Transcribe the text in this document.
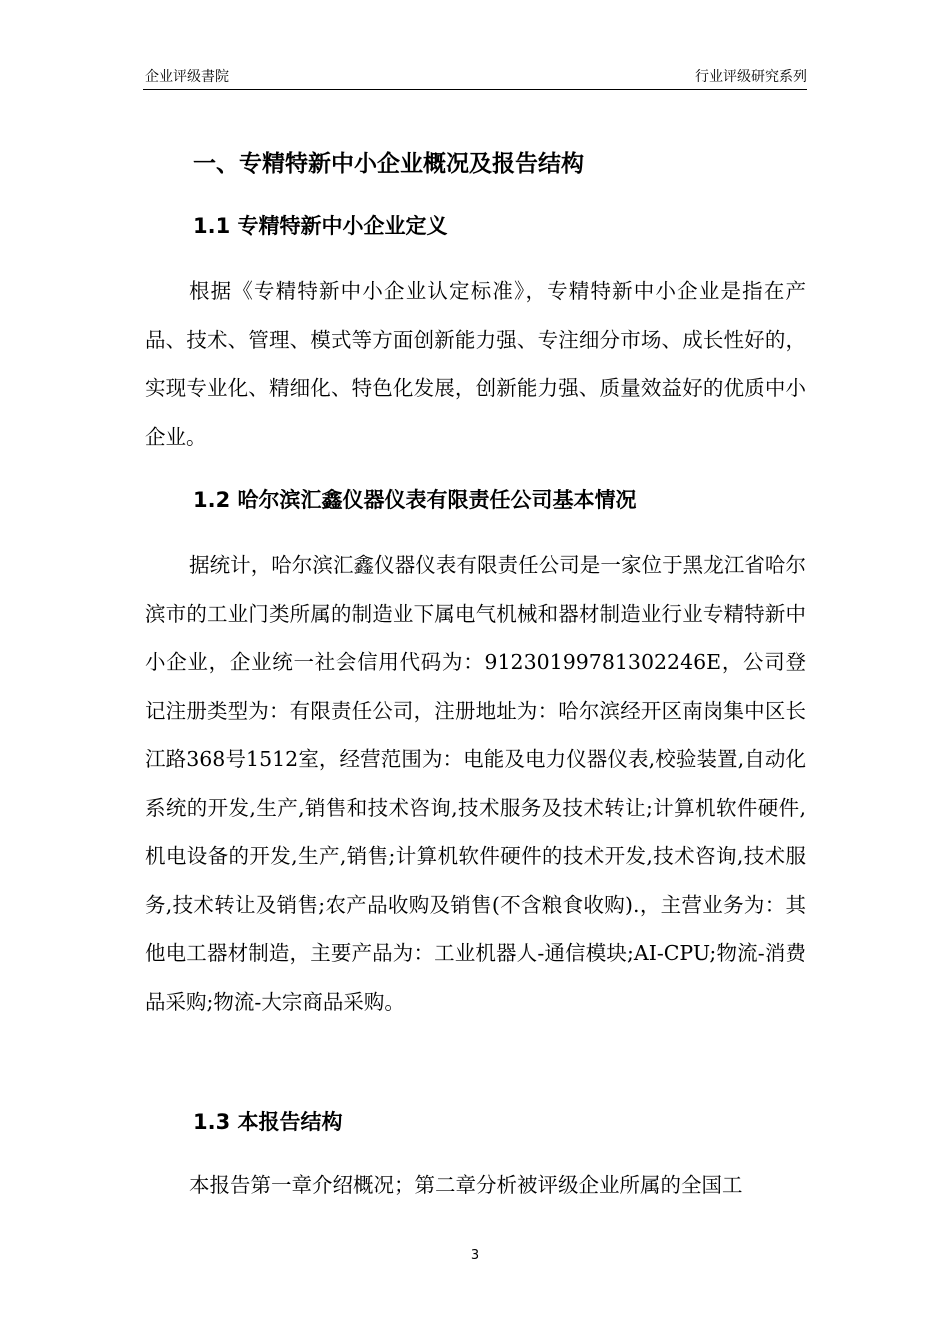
企业评级書院	行业评级研究系列
一、专精特新中小企业概况及报告结构
1.1 专精特新中小企业定义

根据《专精特新中小企业认定标准》，专精特新中小企业是指在产品、技术、管理、模式等方面创新能力强、专注细分市场、成长性好的，实现专业化、精细化、特色化发展，创新能力强、质量效益好的优质中小企业。

1.2 哈尔滨汇鑫仪器仪表有限责任公司基本情况

据统计，哈尔滨汇鑫仪器仪表有限责任公司是一家位于黑龙江省哈尔滨市的工业门类所属的制造业下属电气机械和器材制造业行业专精特新中小企业，企业统一社会信用代码为：91230199781302246E，公司登记注册类型为：有限责任公司，注册地址为：哈尔滨经开区南岗集中区长江路368号1512室，经营范围为：电能及电力仪器仪表,校验装置,自动化系统的开发,生产,销售和技术咨询,技术服务及技术转让;计算机软件硬件,机电设备的开发,生产,销售;计算机软件硬件的技术开发,技术咨询,技术服务,技术转让及销售;农产品收购及销售(不含粮食收购).，主营业务为：其他电工器材制造，主要产品为：工业机器人-通信模块;AI-CPU;物流-消费品采购;物流-大宗商品采购。

1.3 本报告结构

本报告第一章介绍概况；第二章分析被评级企业所属的全国工

3
